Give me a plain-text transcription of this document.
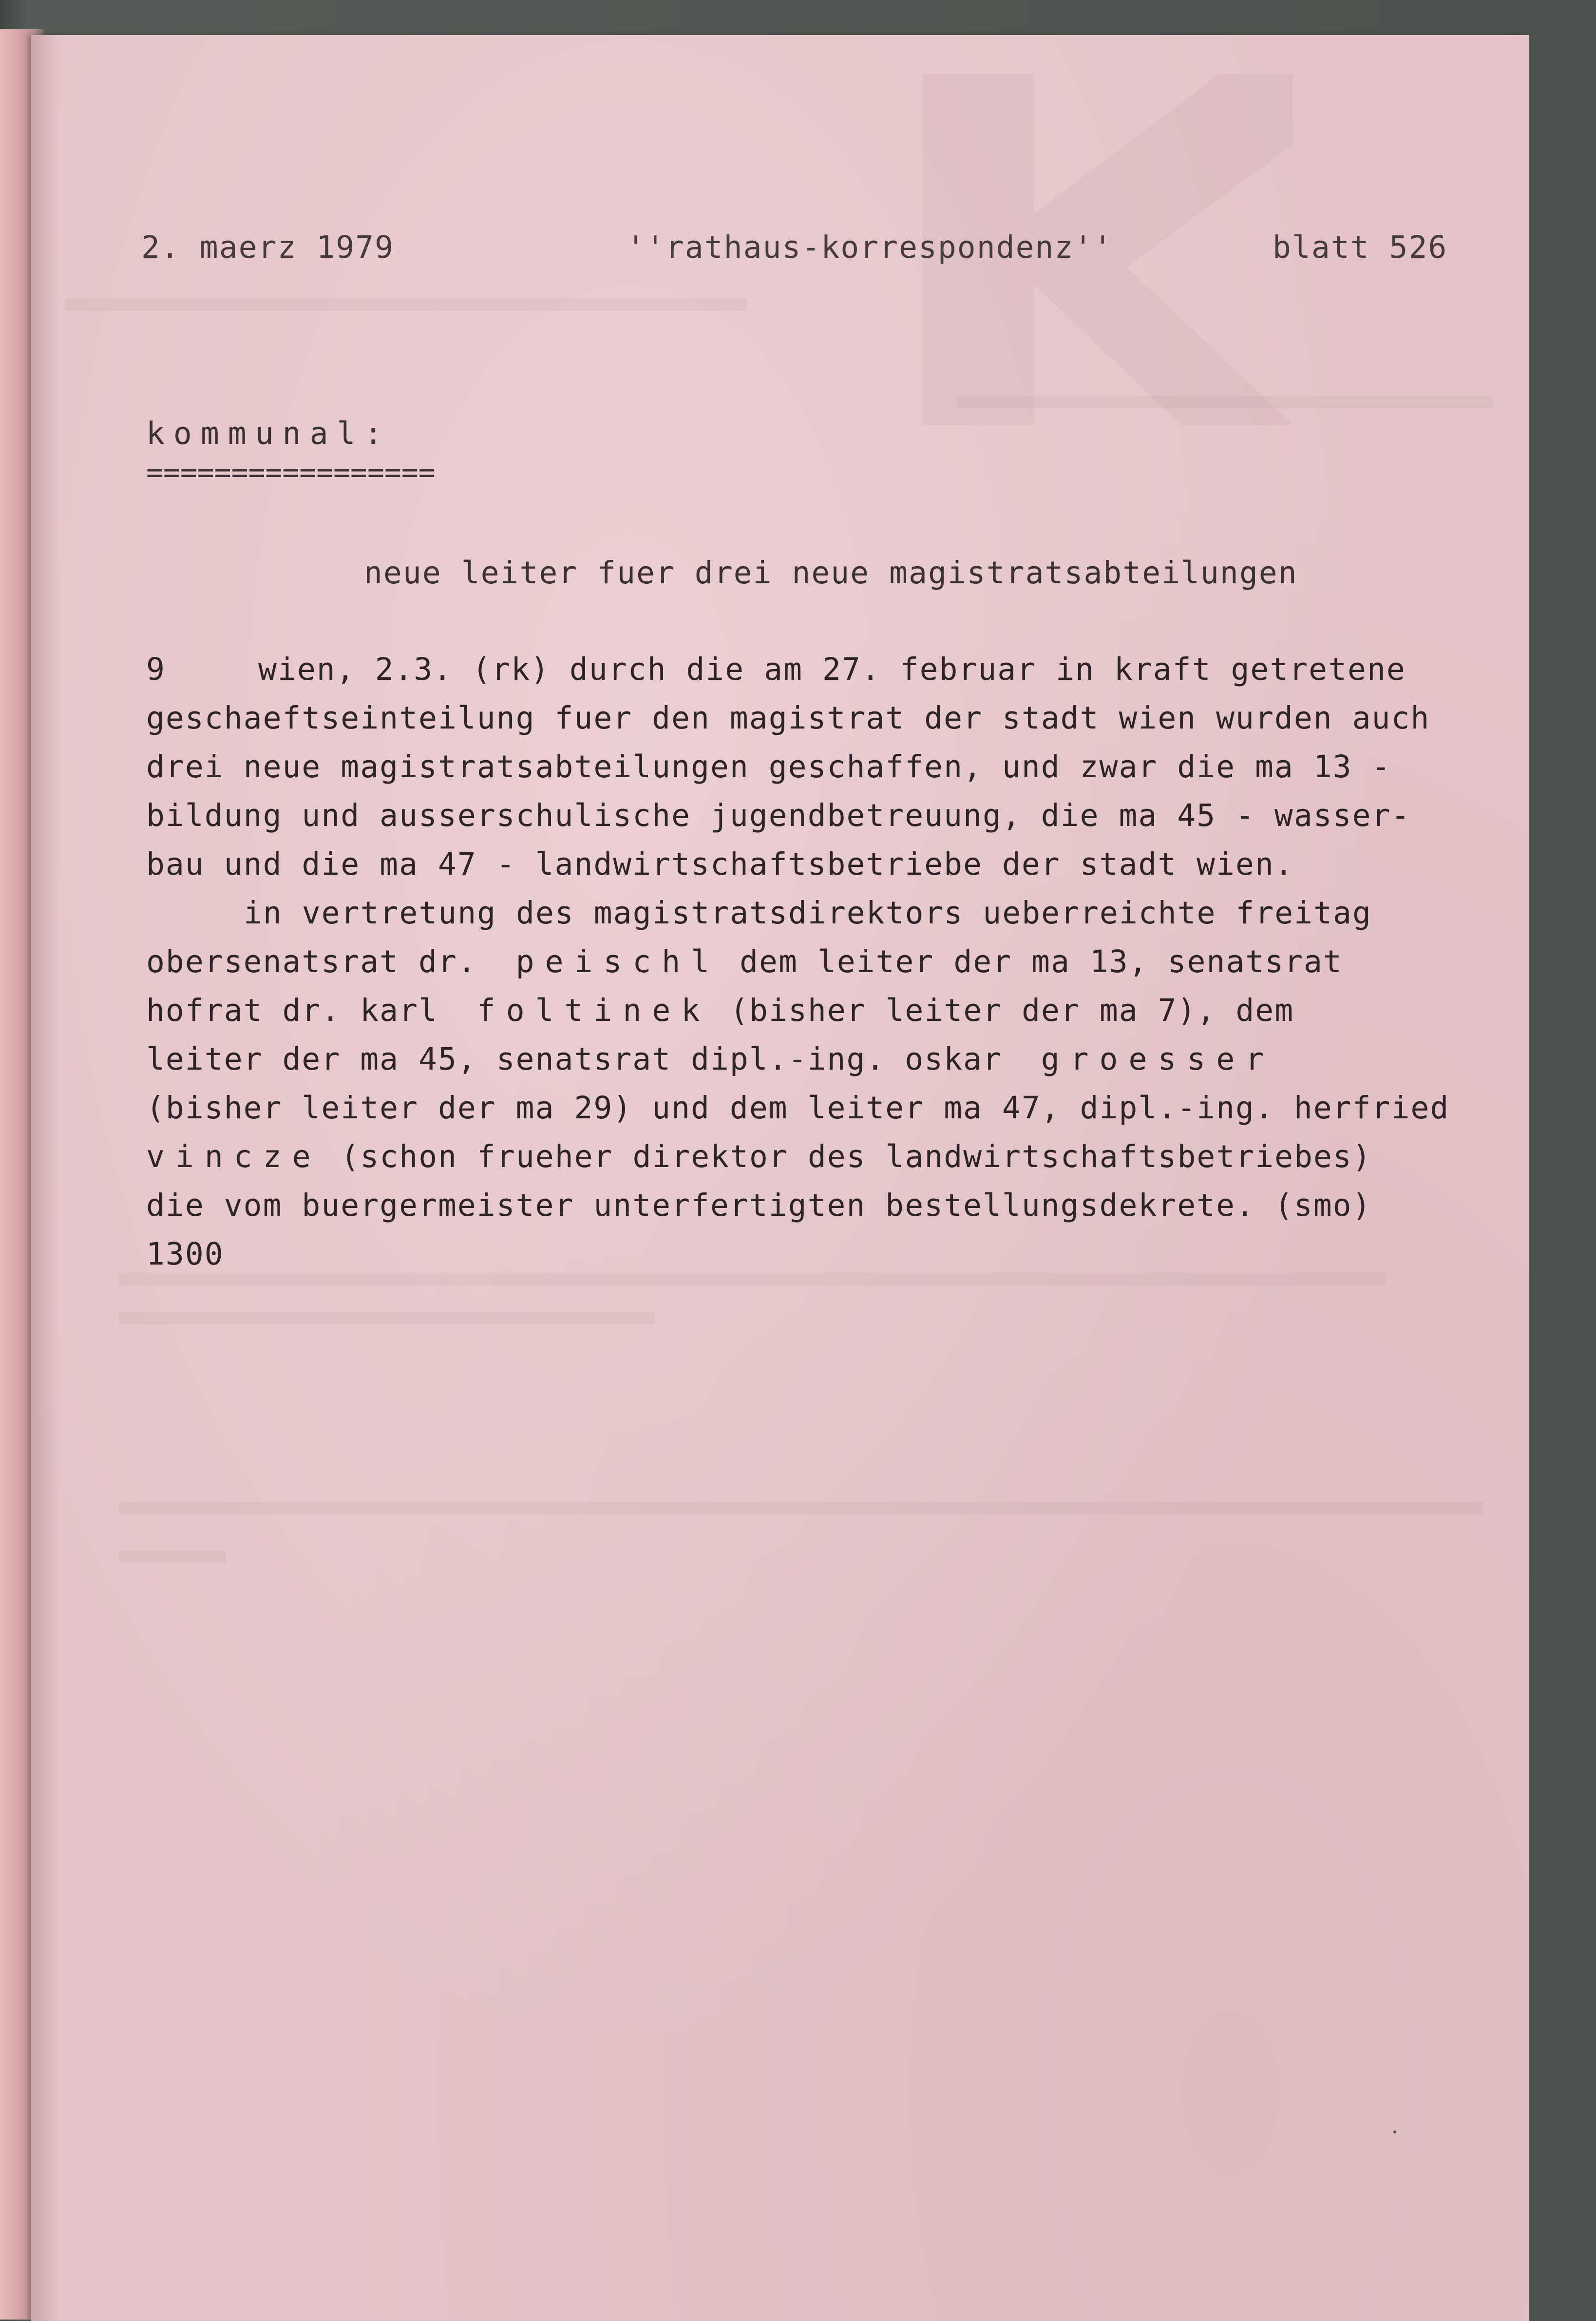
2. maerz 1979	''rathaus-korrespondenz''	blatt 526
kommunal:
=================
neue leiter fuer drei neue magistratsabteilungen
9	wien, 2.3. (rk) durch die am 27. februar in kraft getretene
geschaeftseinteilung fuer den magistrat der stadt wien wurden auch
drei neue magistratsabteilungen geschaffen, und zwar die ma 13 -
bildung und ausserschulische jugendbetreuung, die ma 45 - wasser-
bau und die ma 47 - landwirtschaftsbetriebe der stadt wien.
in vertretung des magistratsdirektors ueberreichte freitag
obersenatsrat dr. peischl dem leiter der ma 13, senatsrat
hofrat dr. karl foltinek (bisher leiter der ma 7), dem
leiter der ma 45, senatsrat dipl.-ing. oskar groesser
(bisher leiter der ma 29) und dem leiter ma 47, dipl.-ing. herfried
vincze (schon frueher direktor des landwirtschaftsbetriebes)
die vom buergermeister unterfertigten bestellungsdekrete. (smo)
1300
